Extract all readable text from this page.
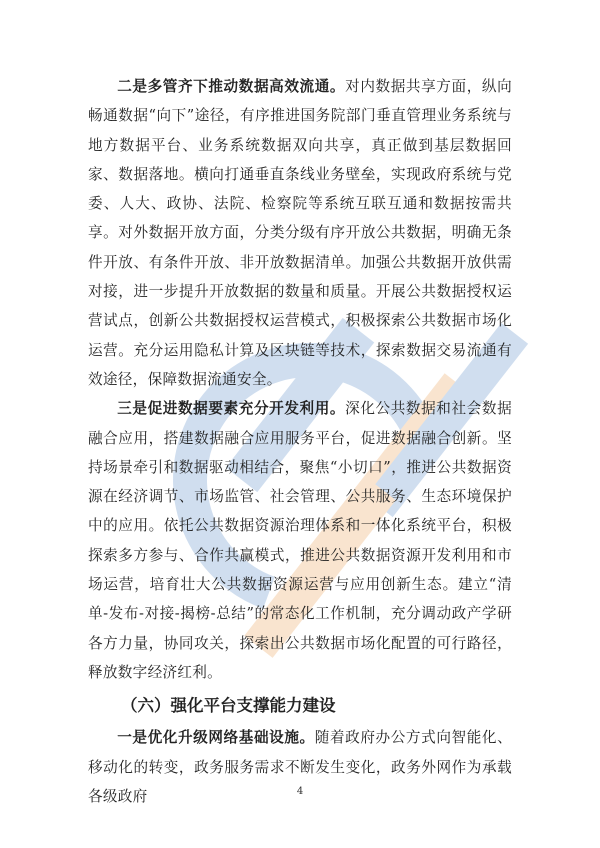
二是多管齐下推动数据高效流通。对内数据共享方面，纵向畅通数据“向下”途径，有序推进国务院部门垂直管理业务系统与地方数据平台、业务系统数据双向共享，真正做到基层数据回家、数据落地。横向打通垂直条线业务壁垒，实现政府系统与党委、人大、政协、法院、检察院等系统互联互通和数据按需共享。对外数据开放方面，分类分级有序开放公共数据，明确无条件开放、有条件开放、非开放数据清单。加强公共数据开放供需对接，进一步提升开放数据的数量和质量。开展公共数据授权运营试点，创新公共数据授权运营模式，积极探索公共数据市场化运营。充分运用隐私计算及区块链等技术，探索数据交易流通有效途径，保障数据流通安全。

三是促进数据要素充分开发利用。深化公共数据和社会数据融合应用，搭建数据融合应用服务平台，促进数据融合创新。坚持场景牵引和数据驱动相结合，聚焦“小切口”，推进公共数据资源在经济调节、市场监管、社会管理、公共服务、生态环境保护中的应用。依托公共数据资源治理体系和一体化系统平台，积极探索多方参与、合作共赢模式，推进公共数据资源开发利用和市场运营，培育壮大公共数据资源运营与应用创新生态。建立“清单-发布-对接-揭榜-总结”的常态化工作机制，充分调动政产学研各方力量，协同攻关，探索出公共数据市场化配置的可行路径，释放数字经济红利。

（六）强化平台支撑能力建设

一是优化升级网络基础设施。随着政府办公方式向智能化、移动化的转变，政务服务需求不断发生变化，政务外网作为承载各级政府	4
